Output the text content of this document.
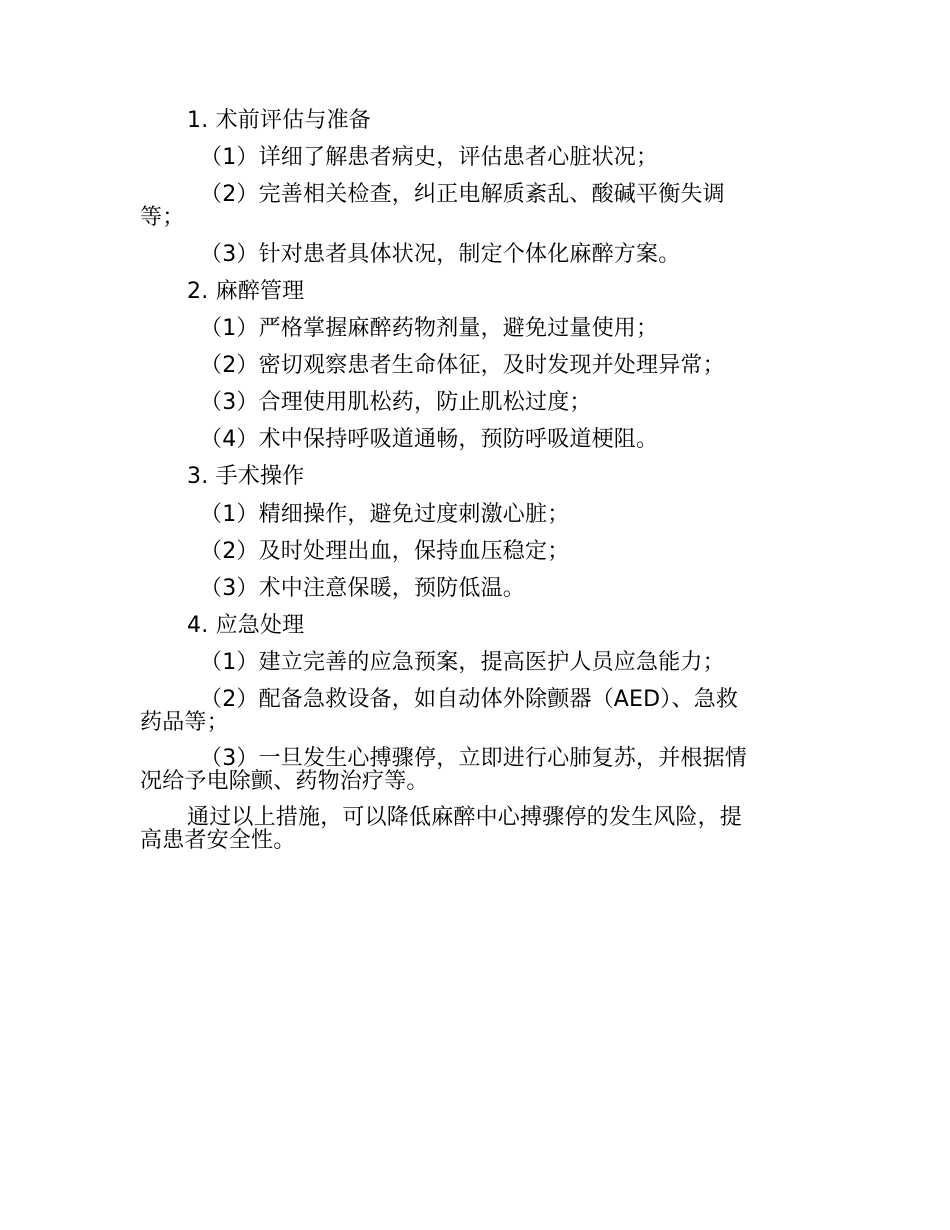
1. 术前评估与准备
（1）详细了解患者病史，评估患者心脏状况；
（2）完善相关检查，纠正电解质紊乱、酸碱平衡失调
等；
（3）针对患者具体状况，制定个体化麻醉方案。
2. 麻醉管理
（1）严格掌握麻醉药物剂量，避免过量使用；
（2）密切观察患者生命体征，及时发现并处理异常；
（3）合理使用肌松药，防止肌松过度；
（4）术中保持呼吸道通畅，预防呼吸道梗阻。
3. 手术操作
（1）精细操作，避免过度刺激心脏；
（2）及时处理出血，保持血压稳定；
（3）术中注意保暖，预防低温。
4. 应急处理
（1）建立完善的应急预案，提高医护人员应急能力；
（2）配备急救设备，如自动体外除颤器（AED）、急救
药品等；
（3）一旦发生心搏骤停，立即进行心肺复苏，并根据情
况给予电除颤、药物治疗等。
通过以上措施，可以降低麻醉中心搏骤停的发生风险，提
高患者安全性。
